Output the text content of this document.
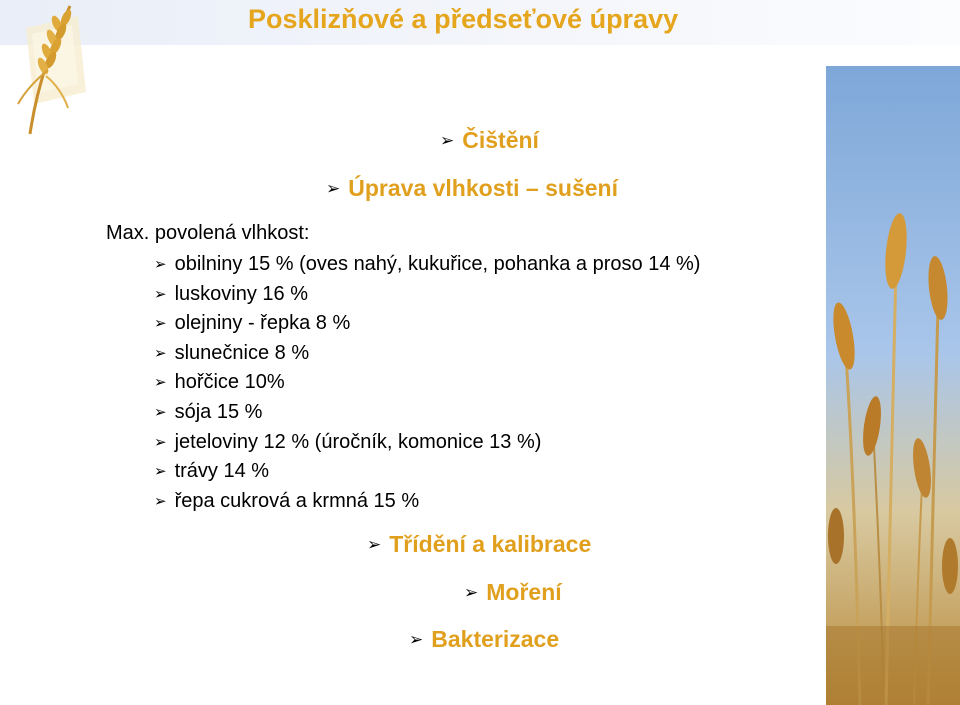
Posklizňové a předseťové úpravy
➢ Čištění
➢ Úprava vlhkosti – sušení

Max. povolená vlhkost:

➢ obilniny 15 % (oves nahý, kukuřice, pohanka a proso 14 %)
➢ luskoviny 16 %
➢ olejniny - řepka 8 %
➢ slunečnice 8 %
➢ hořčice 10%
➢ sója 15 %
➢ jeteloviny 12 % (úročník, komonice 13 %)
➢ trávy 14 %
➢ řepa cukrová a krmná 15 %
➢ Třídění a kalibrace
➢ Moření
➢ Bakterizace
